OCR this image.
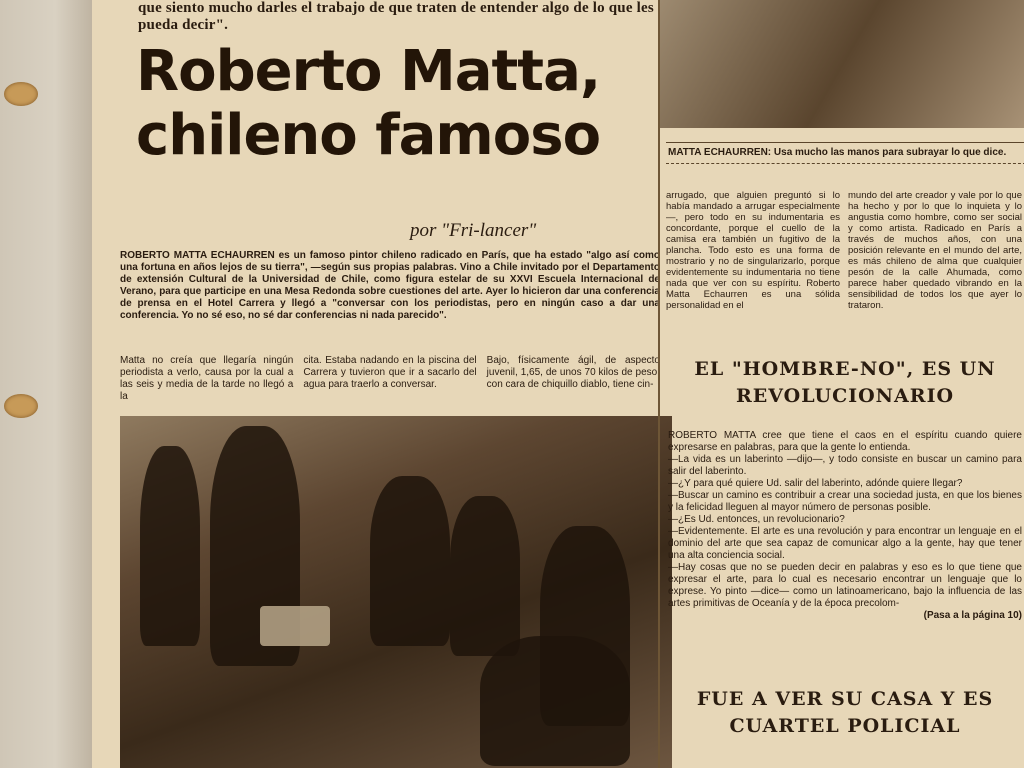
que siento mucho darles el trabajo de que traten de entender algo de lo que les pueda decir".
Roberto Matta, chileno famoso
por "Fri-lancer"

ROBERTO MATTA ECHAURREN es un famoso pintor chileno radicado en París, que ha estado "algo así como una fortuna en años lejos de su tierra", —según sus propias palabras. Vino a Chile invitado por el Departamento de extensión Cultural de la Universidad de Chile, como figura estelar de su XXVI Escuela Internacional de Verano, para que participe en una Mesa Redonda sobre cuestiones del arte. Ayer lo hicieron dar una conferencia de prensa en el Hotel Carrera y llegó a "conversar con los periodistas, pero en ningún caso a dar una conferencia. Yo no sé eso, no sé dar conferencias ni nada parecido".

Matta no creía que llegaría ningún periodista a verlo, causa por la cual a las seis y media de la tarde no llegó a la

cita. Estaba nadando en la piscina del Carrera y tuvieron que ir a sacarlo del agua para traerlo a conversar.

Bajo, físicamente ágil, de aspecto juvenil, 1,65, de unos 70 kilos de peso, con cara de chiquillo diablo, tiene cin-

MATTA ECHAURREN: Usa mucho las manos para subrayar lo que dice.

arrugado, que alguien preguntó si lo había mandado a arrugar especialmente—, pero todo en su indumentaria es concordante, porque el cuello de la camisa era también un fugitivo de la plancha. Todo esto es una forma de mostrario y no de singularizarlo, porque evidentemente su indumentaria no tiene nada que ver con su espíritu. Roberto Matta Echaurren es una sólida personalidad en el

mundo del arte creador y vale por lo que ha hecho y por lo que lo inquieta y lo angustia como hombre, como ser social y como artista. Radicado en París a través de muchos años, con una posición relevante en el mundo del arte, es más chileno de alma que cualquier pesón de la calle Ahumada, como parece haber quedado vibrando en la sensibilidad de todos los que ayer lo trataron.

EL "HOMBRE-NO", ES UN REVOLUCIONARIO

ROBERTO MATTA cree que tiene el caos en el espíritu cuando quiere expresarse en palabras, para que la gente lo entienda.

—La vida es un laberinto —dijo—, y todo consiste en buscar un camino para salir del laberinto.

—¿Y para qué quiere Ud. salir del laberinto, adónde quiere llegar?

—Buscar un camino es contribuir a crear una sociedad justa, en que los bienes y la felicidad lleguen al mayor número de personas posible.

—¿Es Ud. entonces, un revolucionario?

—Evidentemente. El arte es una revolución y para encontrar un lenguaje en el dominio del arte que sea capaz de comunicar algo a la gente, hay que tener una alta conciencia social.

—Hay cosas que no se pueden decir en palabras y eso es lo que tiene que expresar el arte, para lo cual es necesario encontrar un lenguaje que lo exprese. Yo pinto —dice— como un latinoamericano, bajo la influencia de las artes primitivas de Oceanía y de la época precolom-

(Pasa a la página 10)

FUE A VER SU CASA Y ES CUARTEL POLICIAL
